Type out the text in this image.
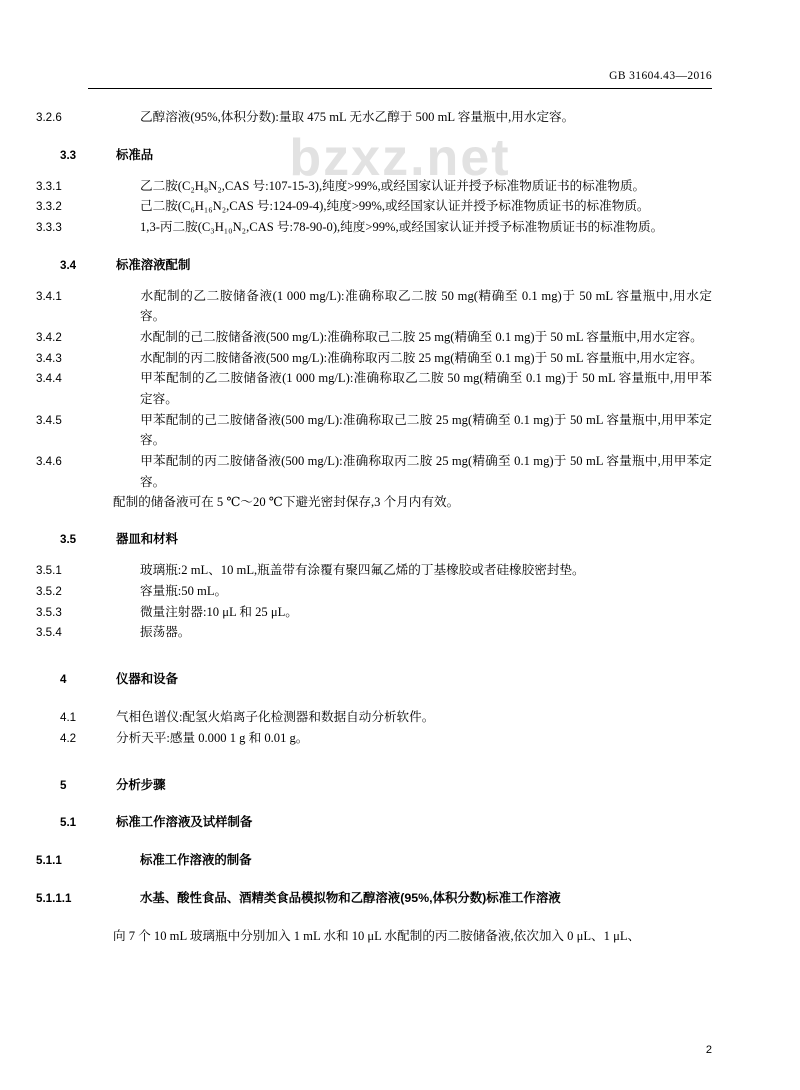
bzxz.net
GB 31604.43—2016

3.2.6	乙醇溶液(95%,体积分数):量取 475 mL 无水乙醇于 500 mL 容量瓶中,用水定容。

3.3	标准品

3.3.1	乙二胺(C₂H₈N₂,CAS 号:107-15-3),纯度>99%,或经国家认证并授予标准物质证书的标准物质。

3.3.2	己二胺(C₆H₁₆N₂,CAS 号:124-09-4),纯度>99%,或经国家认证并授予标准物质证书的标准物质。

3.3.3	1,3-丙二胺(C₃H₁₀N₂,CAS 号:78-90-0),纯度>99%,或经国家认证并授予标准物质证书的标准物质。

3.4	标准溶液配制

3.4.1	水配制的乙二胺储备液(1 000 mg/L):准确称取乙二胺 50 mg(精确至 0.1 mg)于 50 mL 容量瓶中,用水定容。

3.4.2	水配制的己二胺储备液(500 mg/L):准确称取己二胺 25 mg(精确至 0.1 mg)于 50 mL 容量瓶中,用水定容。

3.4.3	水配制的丙二胺储备液(500 mg/L):准确称取丙二胺 25 mg(精确至 0.1 mg)于 50 mL 容量瓶中,用水定容。

3.4.4	甲苯配制的乙二胺储备液(1 000 mg/L):准确称取乙二胺 50 mg(精确至 0.1 mg)于 50 mL 容量瓶中,用甲苯定容。

3.4.5	甲苯配制的己二胺储备液(500 mg/L):准确称取己二胺 25 mg(精确至 0.1 mg)于 50 mL 容量瓶中,用甲苯定容。

3.4.6	甲苯配制的丙二胺储备液(500 mg/L):准确称取丙二胺 25 mg(精确至 0.1 mg)于 50 mL 容量瓶中,用甲苯定容。

配制的储备液可在 5 ℃～20 ℃下避光密封保存,3 个月内有效。

3.5	器皿和材料

3.5.1	玻璃瓶:2 mL、10 mL,瓶盖带有涂覆有聚四氟乙烯的丁基橡胶或者硅橡胶密封垫。

3.5.2	容量瓶:50 mL。

3.5.3	微量注射器:10 μL 和 25 μL。

3.5.4	振荡器。

4	仪器和设备

4.1	气相色谱仪:配氢火焰离子化检测器和数据自动分析软件。

4.2	分析天平:感量 0.000 1 g 和 0.01 g。

5	分析步骤

5.1	标准工作溶液及试样制备

5.1.1	标准工作溶液的制备

5.1.1.1	水基、酸性食品、酒精类食品模拟物和乙醇溶液(95%,体积分数)标准工作溶液

向 7 个 10 mL 玻璃瓶中分别加入 1 mL 水和 10 μL 水配制的丙二胺储备液,依次加入 0 μL、1 μL、

2
